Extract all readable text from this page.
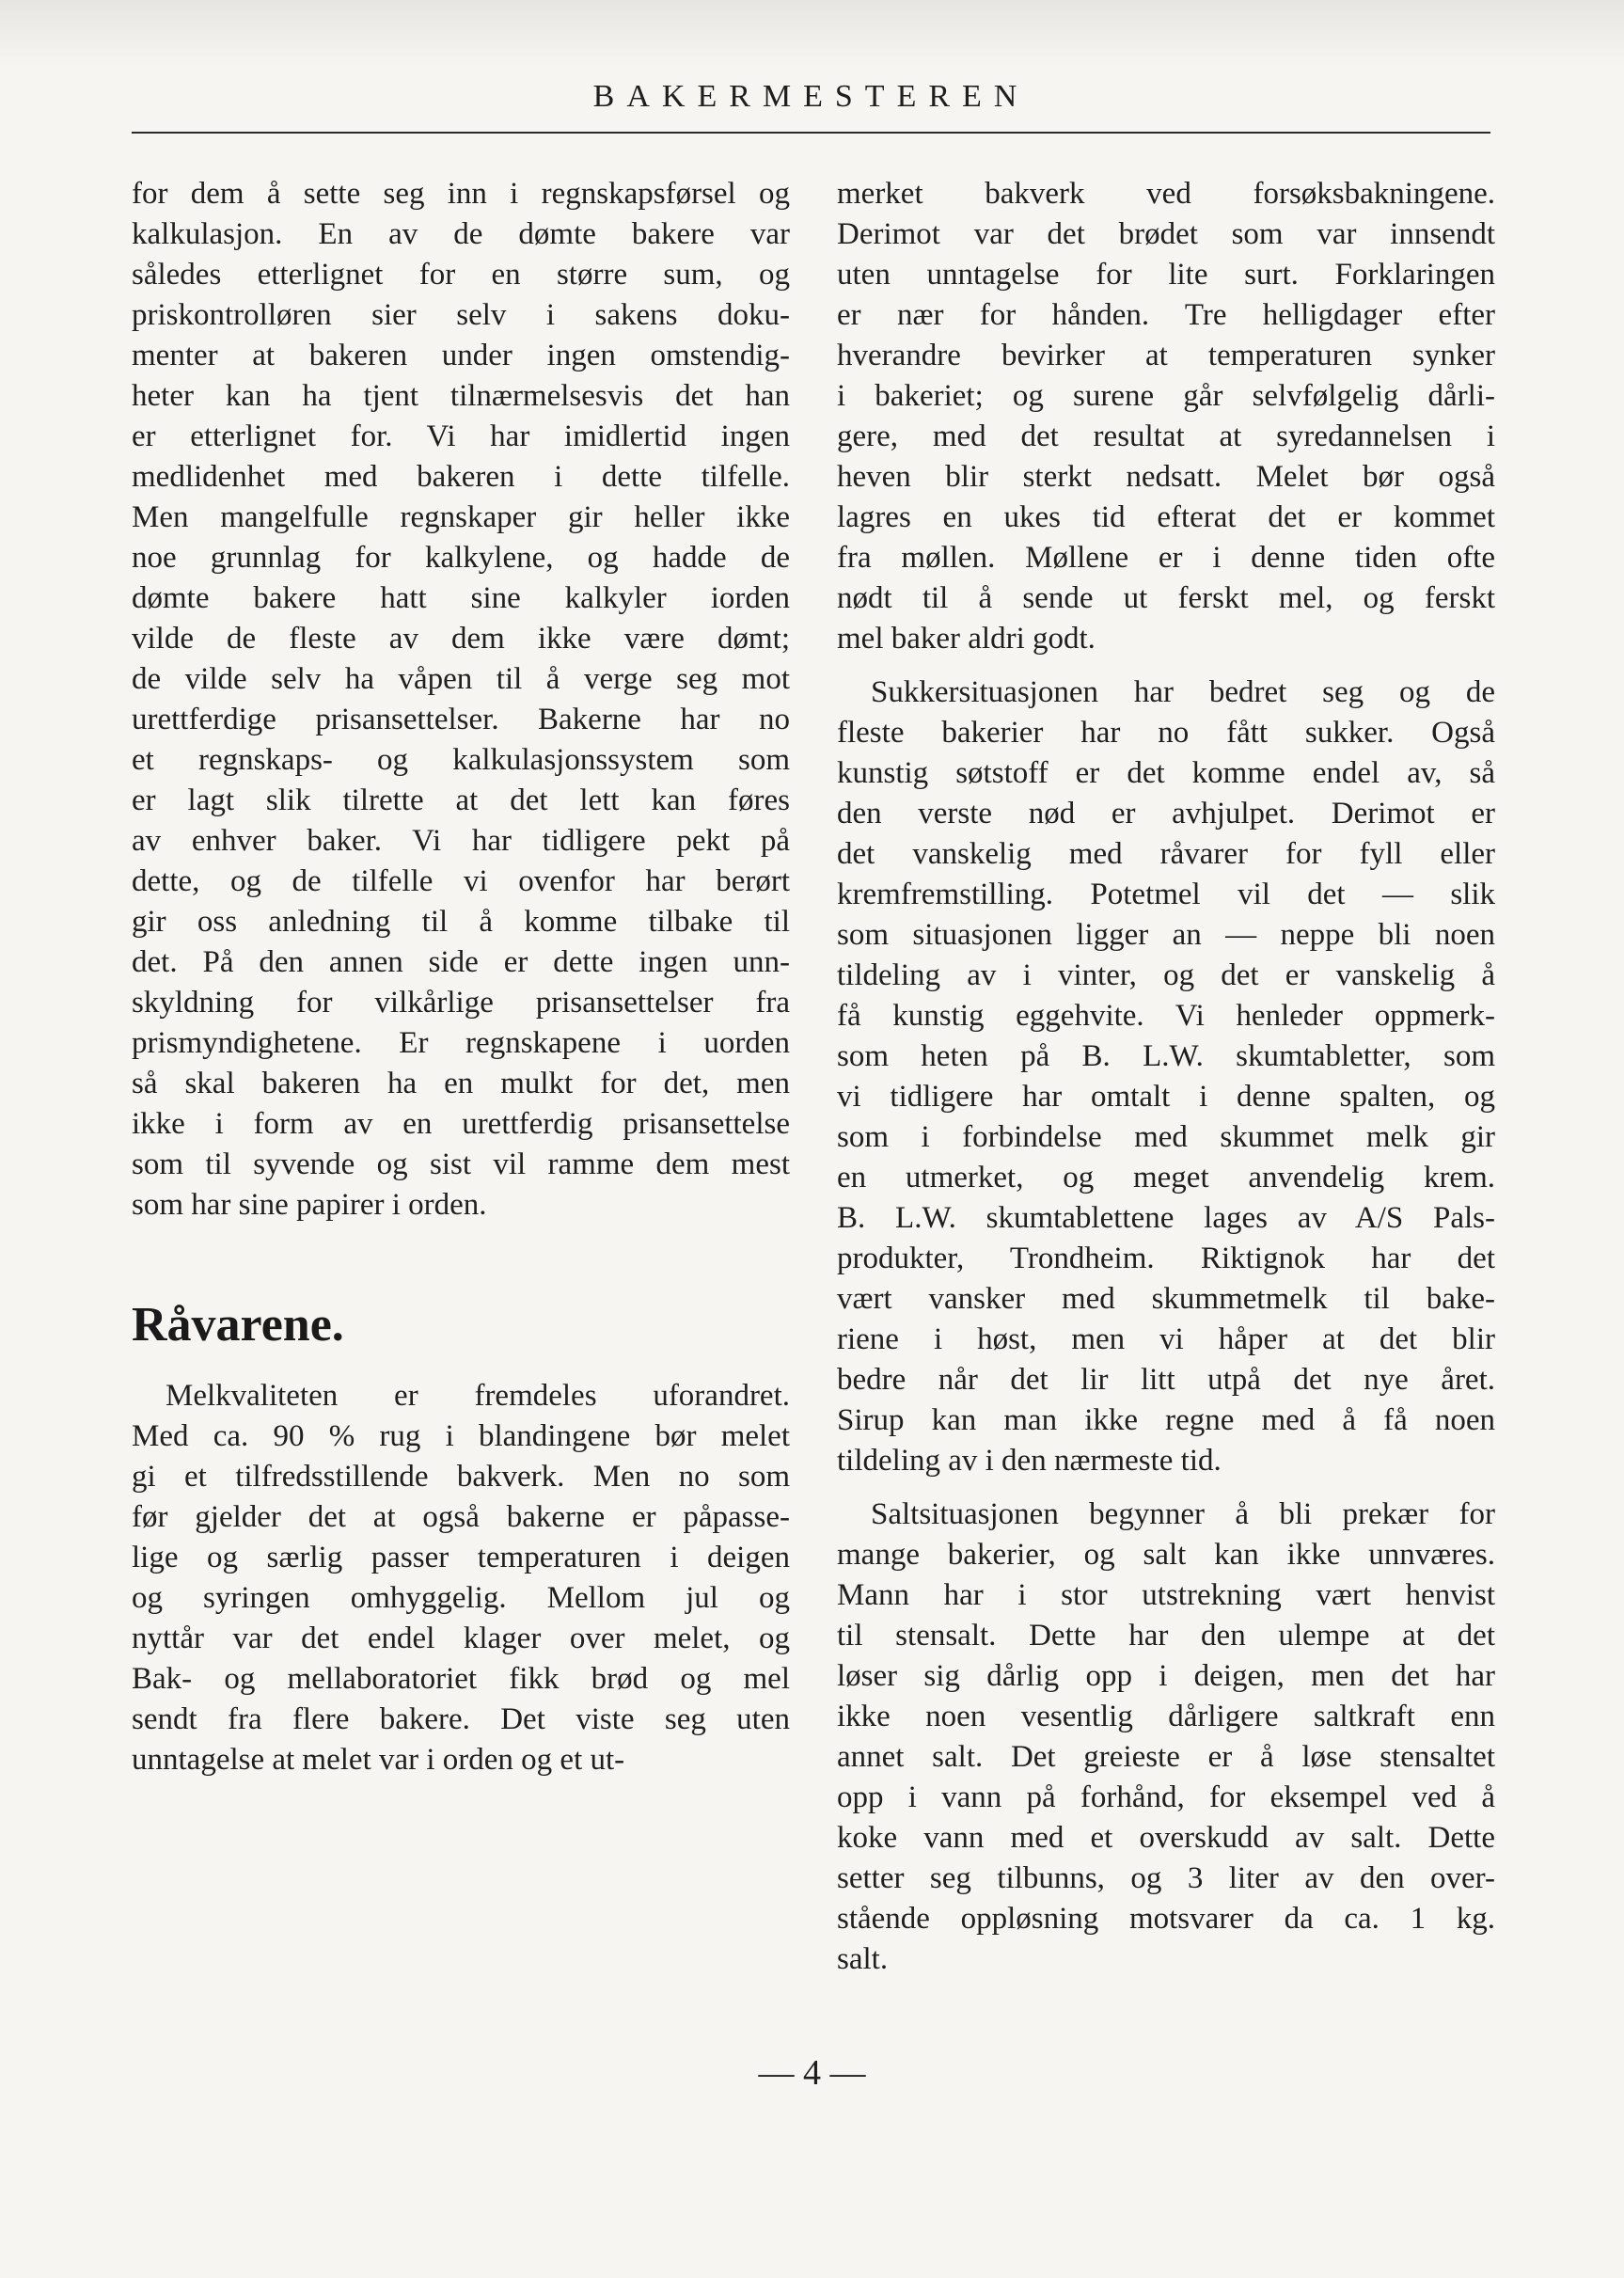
BAKERMESTEREN
for dem å sette seg inn i regnskapsførsel og
kalkulasjon. En av de dømte bakere var
således etterlignet for en større sum, og
priskontrolløren sier selv i sakens doku-
menter at bakeren under ingen omstendig-
heter kan ha tjent tilnærmelsesvis det han
er etterlignet for. Vi har imidlertid ingen
medlidenhet med bakeren i dette tilfelle.
Men mangelfulle regnskaper gir heller ikke
noe grunnlag for kalkylene, og hadde de
dømte bakere hatt sine kalkyler iorden
vilde de fleste av dem ikke være dømt;
de vilde selv ha våpen til å verge seg mot
urettferdige prisansettelser. Bakerne har no
et regnskaps- og kalkulasjonssystem som
er lagt slik tilrette at det lett kan føres
av enhver baker. Vi har tidligere pekt på
dette, og de tilfelle vi ovenfor har berørt
gir oss anledning til å komme tilbake til
det. På den annen side er dette ingen unn-
skyldning for vilkårlige prisansettelser fra
prismyndighetene. Er regnskapene i uorden
så skal bakeren ha en mulkt for det, men
ikke i form av en urettferdig prisansettelse
som til syvende og sist vil ramme dem mest
som har sine papirer i orden.
Råvarene.
Melkvaliteten er fremdeles uforandret.
Med ca. 90 % rug i blandingene bør melet
gi et tilfredsstillende bakverk. Men no som
før gjelder det at også bakerne er påpasse-
lige og særlig passer temperaturen i deigen
og syringen omhyggelig. Mellom jul og
nyttår var det endel klager over melet, og
Bak- og mellaboratoriet fikk brød og mel
sendt fra flere bakere. Det viste seg uten
unntagelse at melet var i orden og et ut-
merket bakverk ved forsøksbakningene.
Derimot var det brødet som var innsendt
uten unntagelse for lite surt. Forklaringen
er nær for hånden. Tre helligdager efter
hverandre bevirker at temperaturen synker
i bakeriet; og surene går selvfølgelig dårli-
gere, med det resultat at syredannelsen i
heven blir sterkt nedsatt. Melet bør også
lagres en ukes tid efterat det er kommet
fra møllen. Møllene er i denne tiden ofte
nødt til å sende ut ferskt mel, og ferskt
mel baker aldri godt.
Sukkersituasjonen har bedret seg og de
fleste bakerier har no fått sukker. Også
kunstig søtstoff er det komme endel av, så
den verste nød er avhjulpet. Derimot er
det vanskelig med råvarer for fyll eller
kremfremstilling. Potetmel vil det — slik
som situasjonen ligger an — neppe bli noen
tildeling av i vinter, og det er vanskelig å
få kunstig eggehvite. Vi henleder oppmerk-
som heten på B. L.W. skumtabletter, som
vi tidligere har omtalt i denne spalten, og
som i forbindelse med skummet melk gir
en utmerket, og meget anvendelig krem.
B. L.W. skumtablettene lages av A/S Pals-
produkter, Trondheim. Riktignok har det
vært vansker med skummetmelk til bake-
riene i høst, men vi håper at det blir
bedre når det lir litt utpå det nye året.
Sirup kan man ikke regne med å få noen
tildeling av i den nærmeste tid.
Saltsituasjonen begynner å bli prekær for
mange bakerier, og salt kan ikke unnværes.
Mann har i stor utstrekning vært henvist
til stensalt. Dette har den ulempe at det
løser sig dårlig opp i deigen, men det har
ikke noen vesentlig dårligere saltkraft enn
annet salt. Det greieste er å løse stensaltet
opp i vann på forhånd, for eksempel ved å
koke vann med et overskudd av salt. Dette
setter seg tilbunns, og 3 liter av den over-
stående oppløsning motsvarer da ca. 1 kg.
salt.
— 4 —
